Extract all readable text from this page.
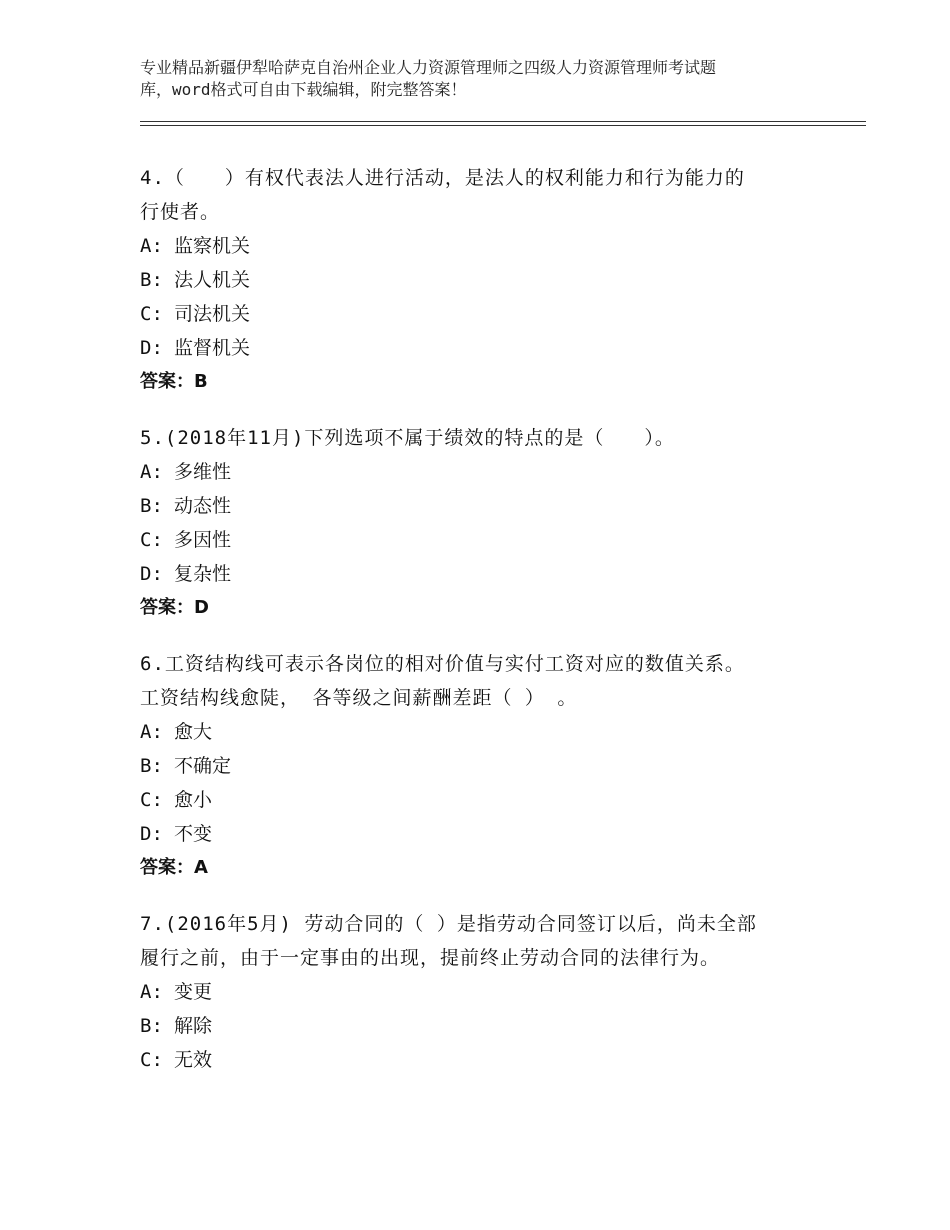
专业精品新疆伊犁哈萨克自治州企业人力资源管理师之四级人力资源管理师考试题
库，word格式可自由下载编辑，附完整答案！
4.（　　）有权代表法人进行活动，是法人的权利能力和行为能力的
行使者。
A: 监察机关
B: 法人机关
C: 司法机关
D: 监督机关
答案：B
5.(2018年11月)下列选项不属于绩效的特点的是（　　）。
A: 多维性
B: 动态性
C: 多因性
D: 复杂性
答案：D
6.工资结构线可表示各岗位的相对价值与实付工资对应的数值关系。
工资结构线愈陡， 各等级之间薪酬差距（ ） 。
A: 愈大
B: 不确定
C: 愈小
D: 不变
答案：A
7.(2016年5月) 劳动合同的（ ）是指劳动合同签订以后，尚未全部
履行之前，由于一定事由的出现，提前终止劳动合同的法律行为。
A: 变更
B: 解除
C: 无效
